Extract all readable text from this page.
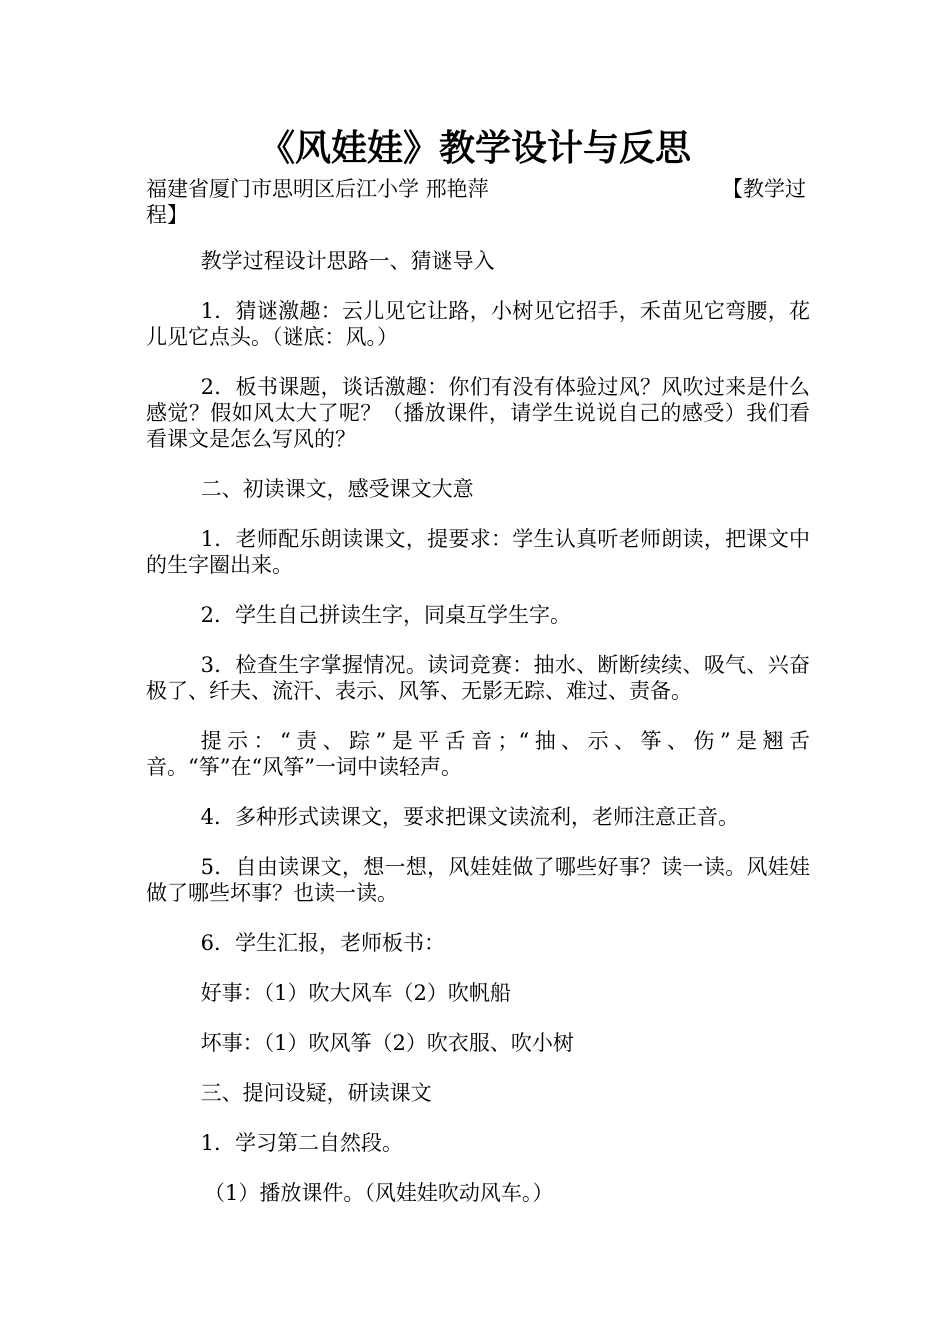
《风娃娃》教学设计与反思
福建省厦门市思明区后江小学 邢艳萍	【教学过
程】

教学过程设计思路一、猜谜导入

1．猜谜激趣：云儿见它让路，小树见它招手，禾苗见它弯腰，花儿见它点头。（谜底：风。）

2．板书课题，谈话激趣：你们有没有体验过风？风吹过来是什么感觉？假如风太大了呢？（播放课件，请学生说说自己的感受）我们看看课文是怎么写风的？

二、初读课文，感受课文大意

1．老师配乐朗读课文，提要求：学生认真听老师朗读，把课文中的生字圈出来。

2．学生自己拼读生字，同桌互学生字。

3．检查生字掌握情况。读词竞赛：抽水、断断续续、吸气、兴奋极了、纤夫、流汗、表示、风筝、无影无踪、难过、责备。

提示：“责、踪”是平舌音；“抽、示、筝、伤”是翘舌音。“筝”在“风筝”一词中读轻声。

4．多种形式读课文，要求把课文读流利，老师注意正音。

5．自由读课文，想一想，风娃娃做了哪些好事？读一读。风娃娃做了哪些坏事？也读一读。

6．学生汇报，老师板书：

好事：（1）吹大风车（2）吹帆船

坏事：（1）吹风筝（2）吹衣服、吹小树

三、提问设疑，研读课文

1．学习第二自然段。

（1）播放课件。（风娃娃吹动风车。）
